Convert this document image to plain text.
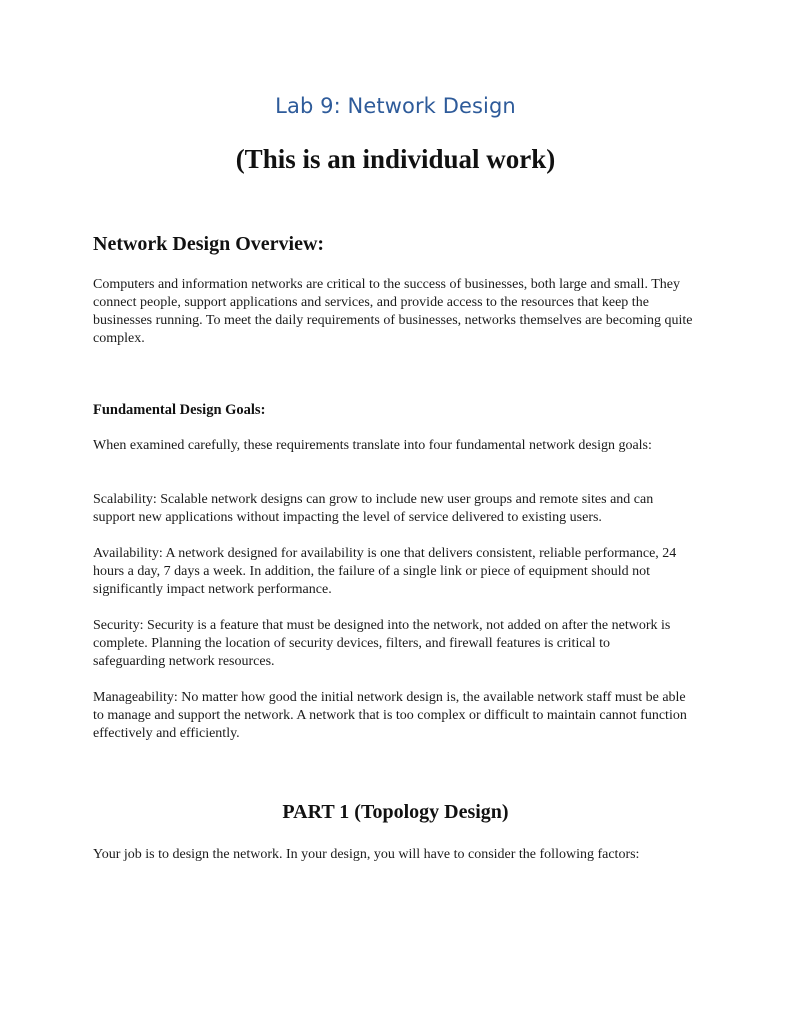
Lab 9: Network Design
(This is an individual work)
Network Design Overview:
Computers and information networks are critical to the success of businesses, both large and small. They connect people, support applications and services, and provide access to the resources that keep the businesses running. To meet the daily requirements of businesses, networks themselves are becoming quite complex.
Fundamental Design Goals:
When examined carefully, these requirements translate into four fundamental network design goals:
Scalability: Scalable network designs can grow to include new user groups and remote sites and can support new applications without impacting the level of service delivered to existing users.
Availability: A network designed for availability is one that delivers consistent, reliable performance, 24 hours a day, 7 days a week. In addition, the failure of a single link or piece of equipment should not significantly impact network performance.
Security: Security is a feature that must be designed into the network, not added on after the network is complete. Planning the location of security devices, filters, and firewall features is critical to safeguarding network resources.
Manageability: No matter how good the initial network design is, the available network staff must be able to manage and support the network. A network that is too complex or difficult to maintain cannot function effectively and efficiently.
PART 1 (Topology Design)
Your job is to design the network. In your design, you will have to consider the following factors:
